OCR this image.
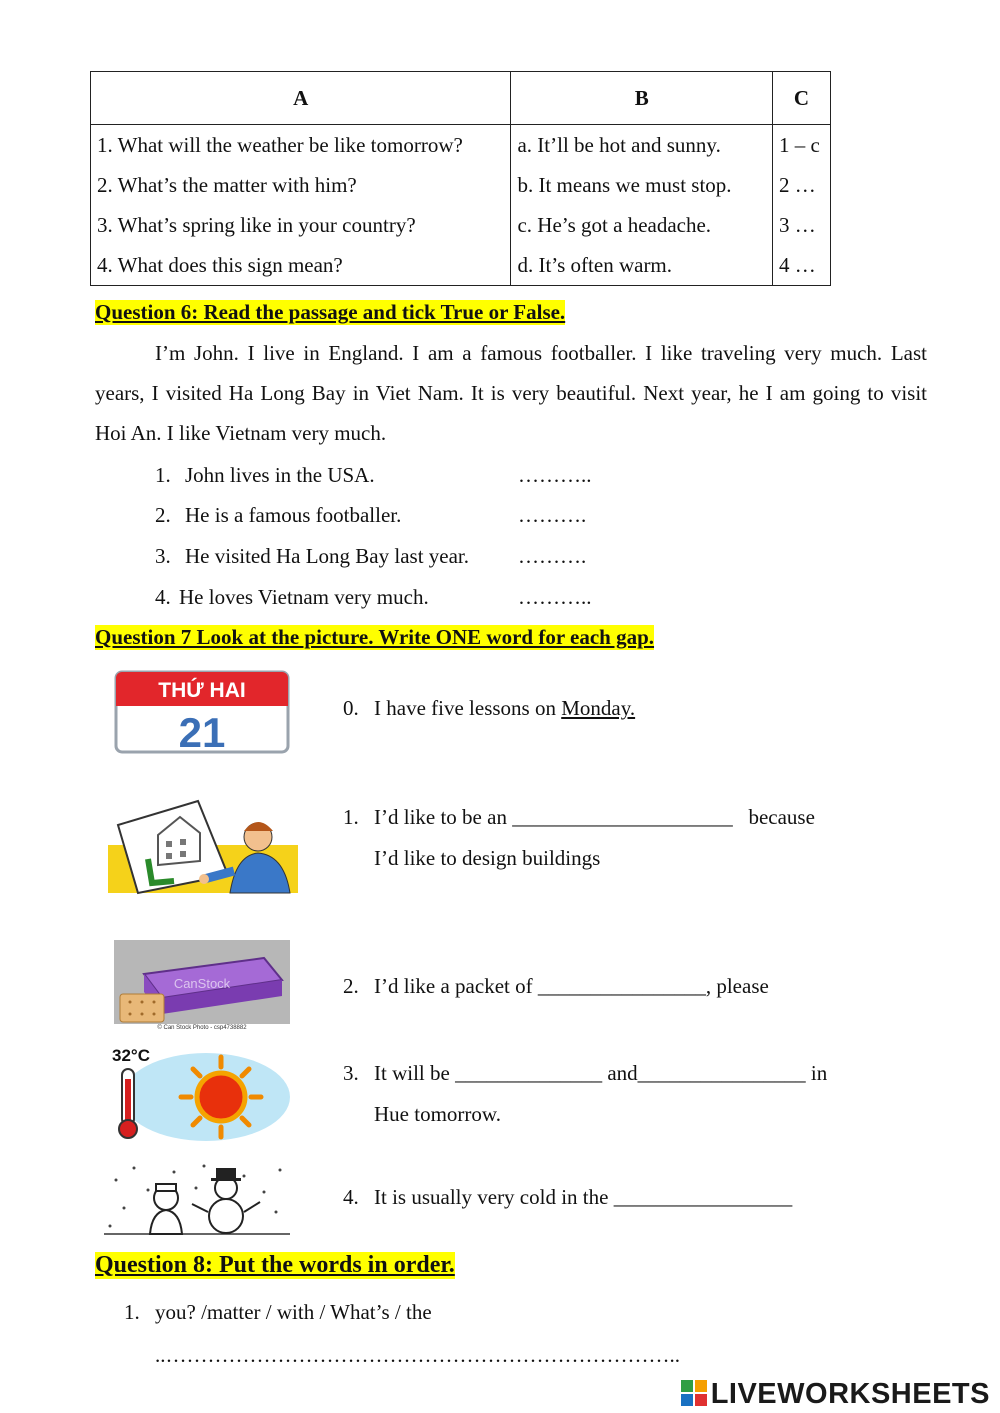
A	B	C
1. What will the weather be like tomorrow?	a. It’ll be hot and sunny.	1 – c
2. What’s the matter with him?	b. It means we must stop.	2 …
3. What’s spring like in your country?	c. He’s got a headache.	3 …
4. What does this sign mean?	d. It’s often warm.	4 …
Question 6: Read the passage and tick True or False.
I’m John. I live in England. I am a famous footballer. I like traveling very much. Last years, I visited Ha Long Bay in Viet Nam. It is very beautiful. Next year, he I am going to visit Hoi An. I like Vietnam very much.
1. John lives in the USA.	………..
2. He is a famous footballer.	……….
3. He visited Ha Long Bay last year. ……….
4. He loves Vietnam very much.	………..
Question 7 Look at the picture. Write ONE word for each gap.
THỨ HAI
21
0. I have five lessons on Monday.
1. I’d like to be an _____________________   because
I’d like to design buildings
CanStock
© Can Stock Photo - csp4738882
2. I’d like a packet of ________________, please
32°C
3. It will be ______________ and________________ in
Hue tomorrow.
4. It is usually very cold in the _________________
Question 8: Put the words in order.
1. you? /matter / with / What’s / the
..………………………………………………………………..
LIVEWORKSHEETS
